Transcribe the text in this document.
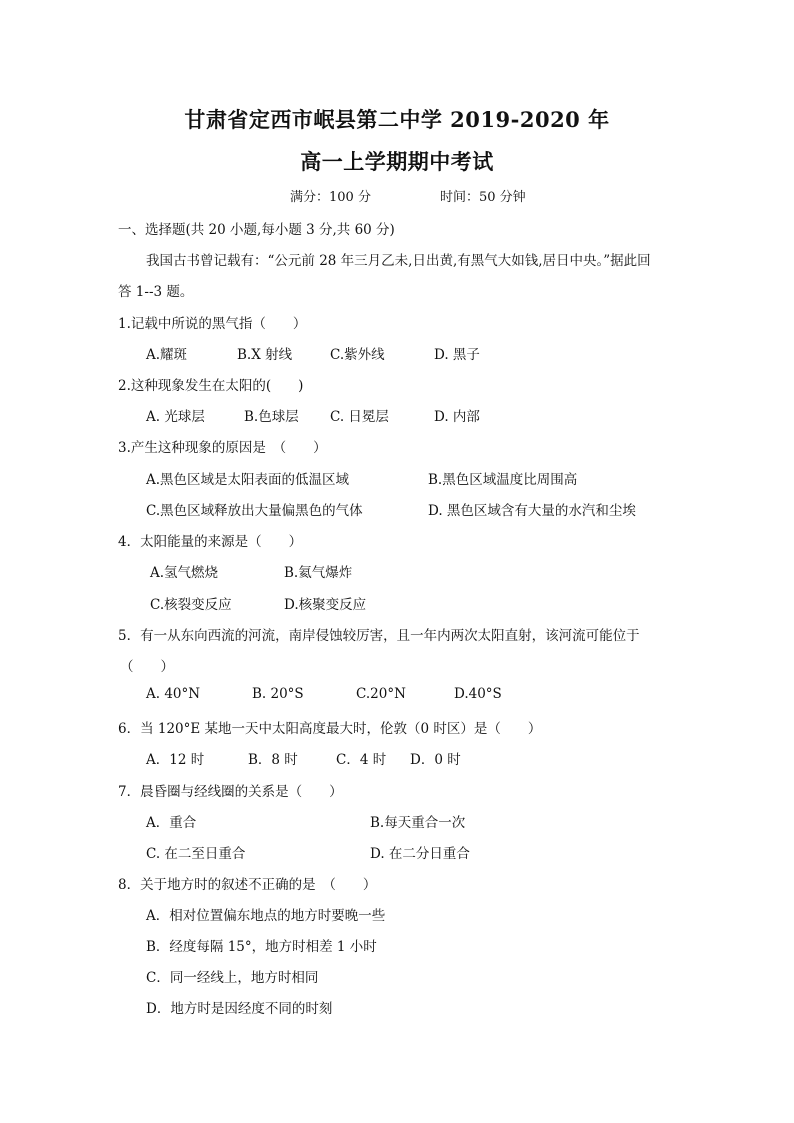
甘肃省定西市岷县第二中学 2019-2020 年
高一上学期期中考试
满分：100 分	时间：50 分钟
一、选择题(共 20 小题,每小题 3 分,共 60 分)
我国古书曾记载有：“公元前 28 年三月乙未,日出黄,有黑气大如钱,居日中央。”据此回
答 1--3 题。
1.记载中所说的黑气指（　　）
A.耀斑	B.X 射线	C.紫外线	D. 黑子
2.这种现象发生在太阳的(　　)
A. 光球层	B.色球层 C. 日冕层	D. 内部
3.产生这种现象的原因是　（　　）
A.黑色区域是太阳表面的低温区域	B.黑色区域温度比周围高
C.黑色区域释放出大量偏黑色的气体	D. 黑色区域含有大量的水汽和尘埃
4．太阳能量的来源是（　　）
A.氢气燃烧	B.氦气爆炸
C.核裂变反应	D.核聚变反应
5．有一从东向西流的河流，南岸侵蚀较厉害，且一年内两次太阳直射，该河流可能位于
（　　）
A. 40°N	B. 20°S	C.20°N	D.40°S
6．当 120°E 某地一天中太阳高度最大时，伦敦（0 时区）是（　　）
A．12 时	B．8 时	C．4 时 D．0 时
7．晨昏圈与经线圈的关系是（　　）
A．重合	B.每天重合一次
C. 在二至日重合	D. 在二分日重合
8．关于地方时的叙述不正确的是　（　　）
A．相对位置偏东地点的地方时要晚一些
B．经度每隔 15°，地方时相差 1 小时
C．同一经线上，地方时相同
D．地方时是因经度不同的时刻
